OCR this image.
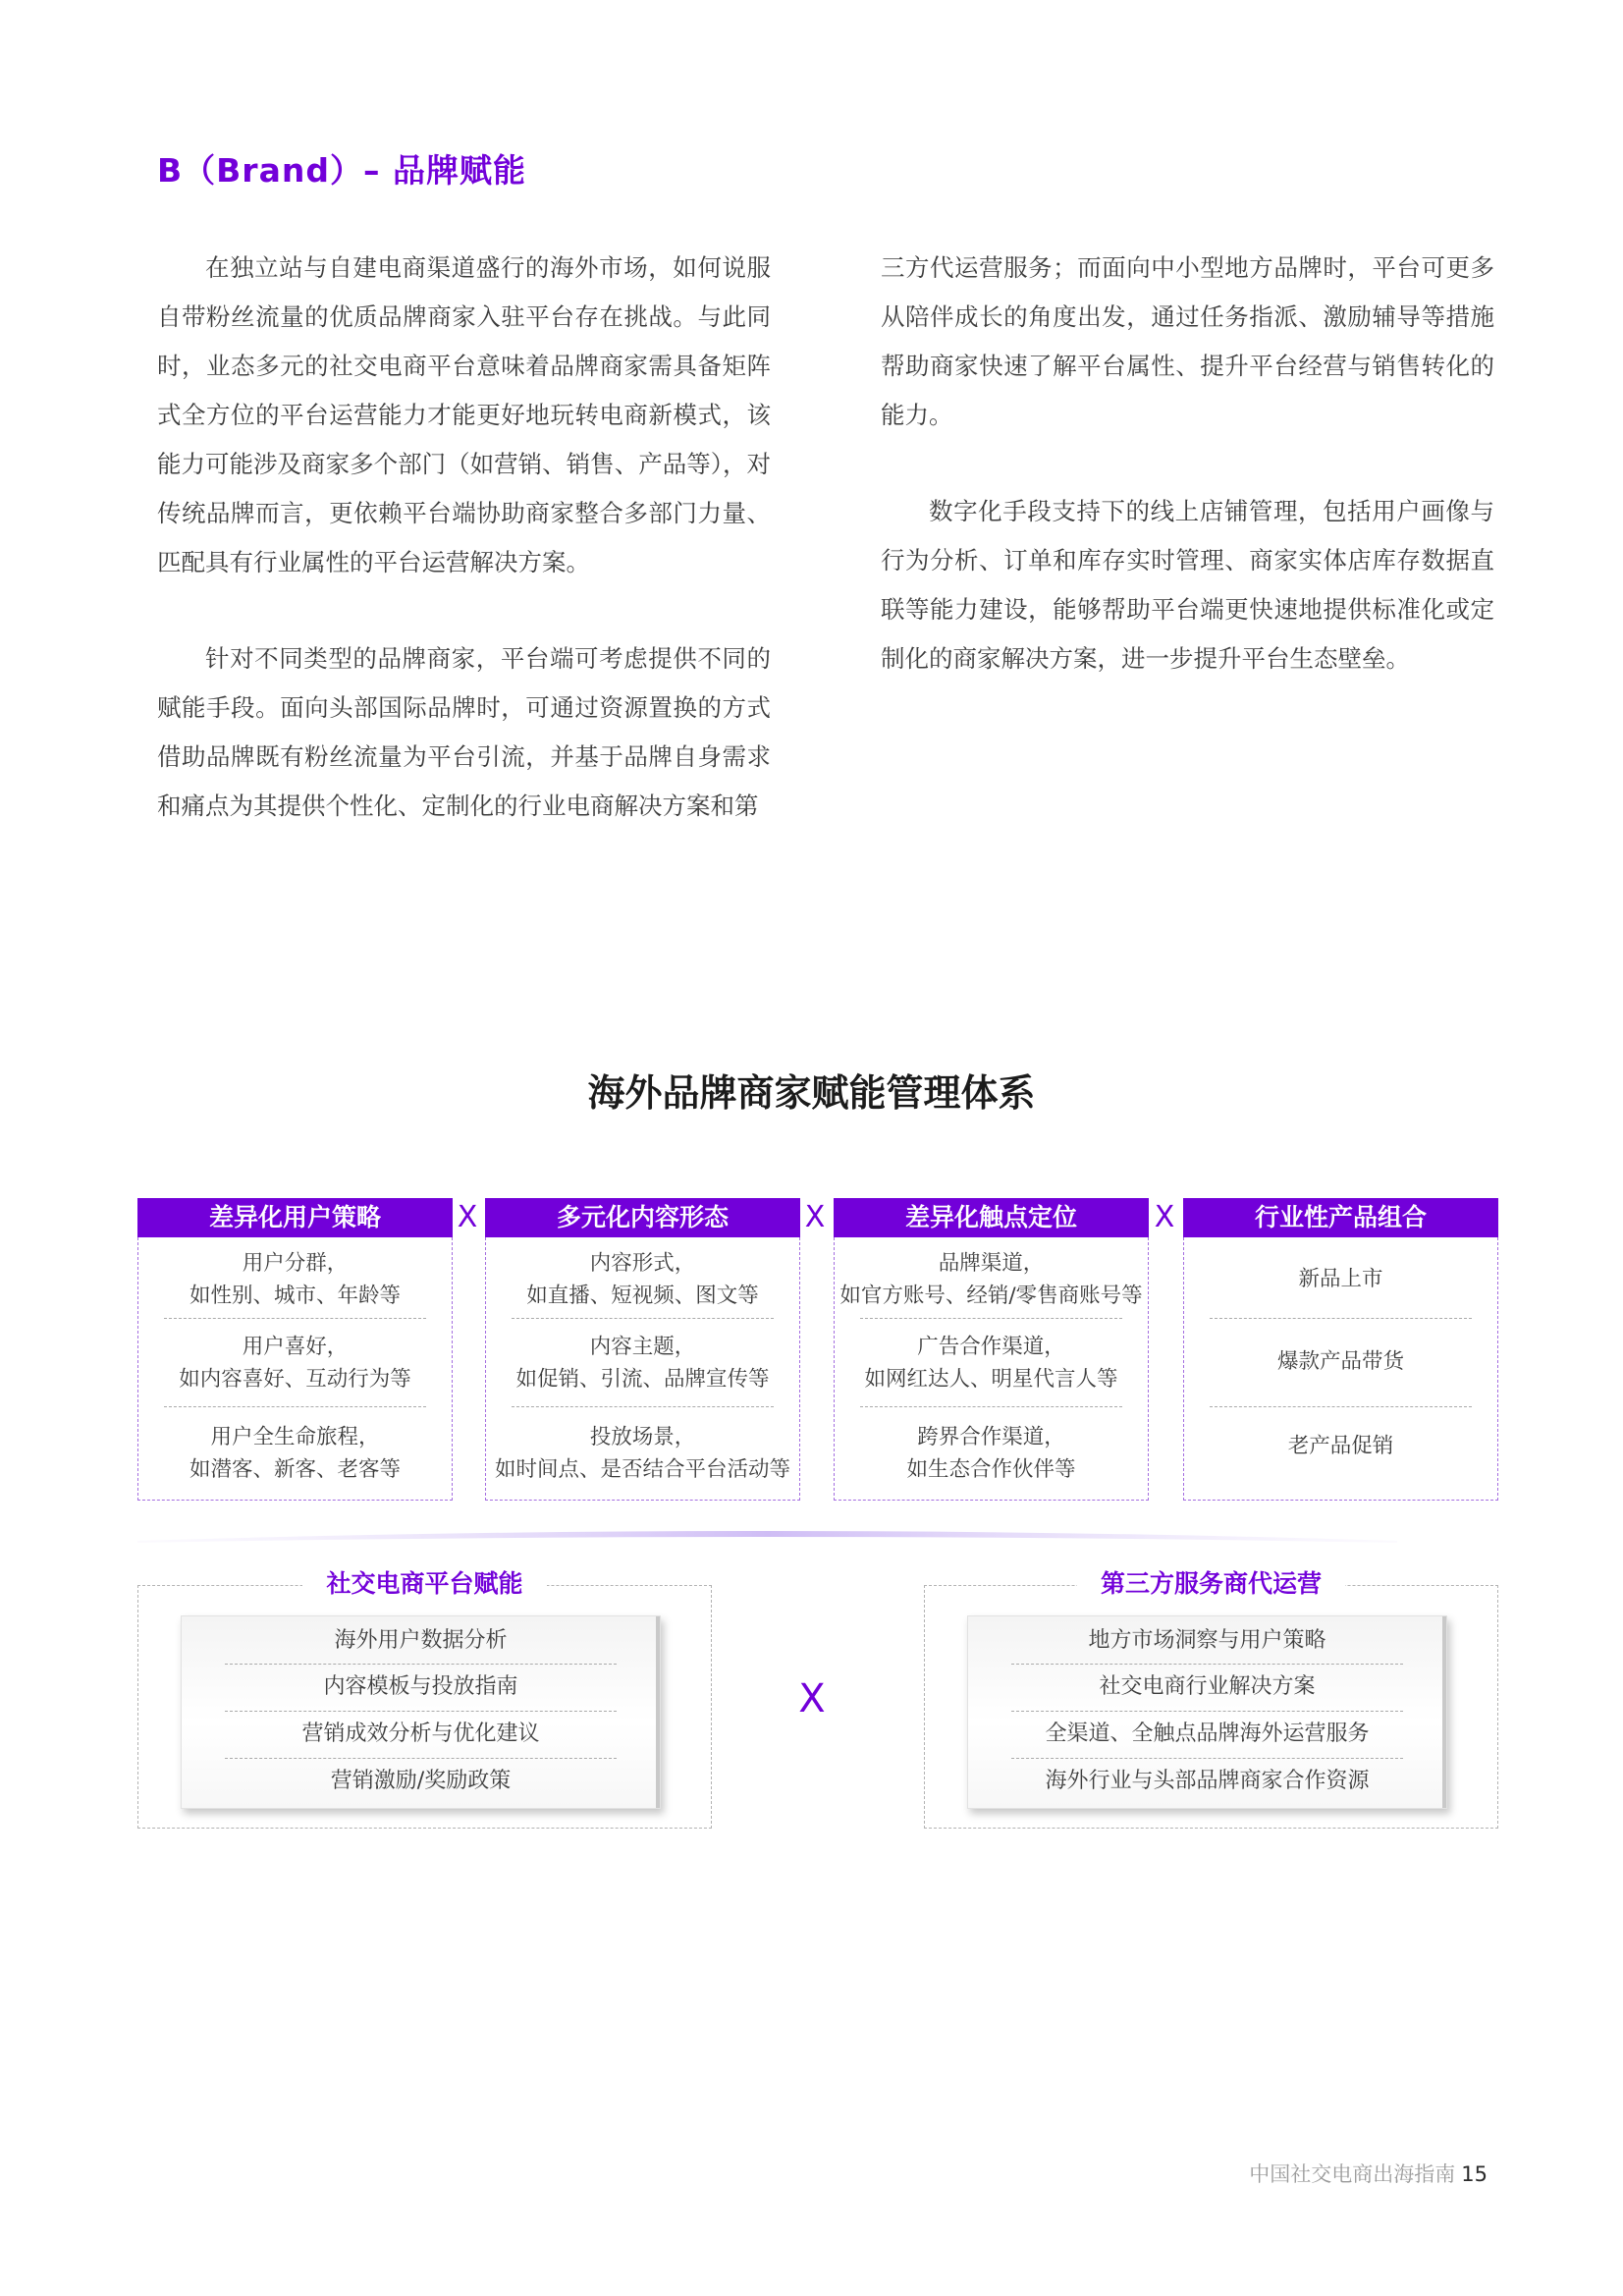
B（Brand）– 品牌赋能

在独立站与自建电商渠道盛行的海外市场，如何说服自带粉丝流量的优质品牌商家入驻平台存在挑战。与此同时，业态多元的社交电商平台意味着品牌商家需具备矩阵式全方位的平台运营能力才能更好地玩转电商新模式，该能力可能涉及商家多个部门（如营销、销售、产品等），对传统品牌而言，更依赖平台端协助商家整合多部门力量、匹配具有行业属性的平台运营解决方案。

针对不同类型的品牌商家，平台端可考虑提供不同的赋能手段。面向头部国际品牌时，可通过资源置换的方式借助品牌既有粉丝流量为平台引流，并基于品牌自身需求和痛点为其提供个性化、定制化的行业电商解决方案和第

三方代运营服务；而面向中小型地方品牌时，平台可更多从陪伴成长的角度出发，通过任务指派、激励辅导等措施帮助商家快速了解平台属性、提升平台经营与销售转化的能力。

数字化手段支持下的线上店铺管理，包括用户画像与行为分析、订单和库存实时管理、商家实体店库存数据直联等能力建设，能够帮助平台端更快速地提供标准化或定制化的商家解决方案，进一步提升平台生态壁垒。

海外品牌商家赋能管理体系
差异化用户策略
用户分群，
如性别、城市、年龄等
用户喜好，
如内容喜好、互动行为等
用户全生命旅程，
如潜客、新客、老客等
X	多元化内容形态
内容形式，
如直播、短视频、图文等
内容主题，
如促销、引流、品牌宣传等
投放场景，
如时间点、是否结合平台活动等
X	差异化触点定位
品牌渠道，
如官方账号、经销/零售商账号等
广告合作渠道，
如网红达人、明星代言人等
跨界合作渠道，
如生态合作伙伴等
X	行业性产品组合
新品上市
爆款产品带货
老产品促销
社交电商平台赋能
海外用户数据分析
内容模板与投放指南
营销成效分析与优化建议
营销激励/奖励政策
X
第三方服务商代运营
地方市场洞察与用户策略
社交电商行业解决方案
全渠道、全触点品牌海外运营服务
海外行业与头部品牌商家合作资源
中国社交电商出海指南 15
